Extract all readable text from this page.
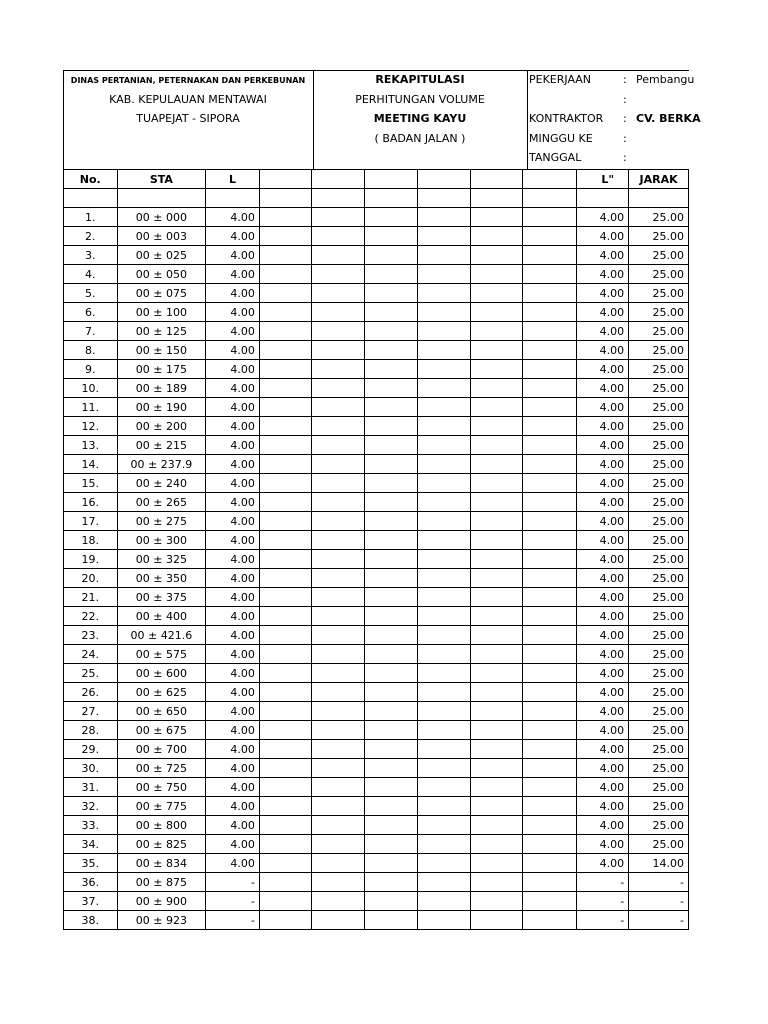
DINAS PERTANIAN, PETERNAKAN DAN PERKEBUNAN
KAB. KEPULAUAN MENTAWAI
TUAPEJAT - SIPORA
REKAPITULASI
PERHITUNGAN VOLUME
MEETING KAYU
( BADAN JALAN )
PEKERJAAN	: Pembangu
:
KONTRAKTOR : CV. BERKA
MINGGU KE	:
TANGGAL	:
No.	STA	L							L"	JARAK

1.	00 ± 000	4.00							4.00	25.00
2.	00 ± 003	4.00							4.00	25.00
3.	00 ± 025	4.00							4.00	25.00
4.	00 ± 050	4.00							4.00	25.00
5.	00 ± 075	4.00							4.00	25.00
6.	00 ± 100	4.00							4.00	25.00
7.	00 ± 125	4.00							4.00	25.00
8.	00 ± 150	4.00							4.00	25.00
9.	00 ± 175	4.00							4.00	25.00
10.	00 ± 189	4.00							4.00	25.00
11.	00 ± 190	4.00							4.00	25.00
12.	00 ± 200	4.00							4.00	25.00
13.	00 ± 215	4.00							4.00	25.00
14.	00 ± 237.9	4.00							4.00	25.00
15.	00 ± 240	4.00							4.00	25.00
16.	00 ± 265	4.00							4.00	25.00
17.	00 ± 275	4.00							4.00	25.00
18.	00 ± 300	4.00							4.00	25.00
19.	00 ± 325	4.00							4.00	25.00
20.	00 ± 350	4.00							4.00	25.00
21.	00 ± 375	4.00							4.00	25.00
22.	00 ± 400	4.00							4.00	25.00
23.	00 ± 421.6	4.00							4.00	25.00
24.	00 ± 575	4.00							4.00	25.00
25.	00 ± 600	4.00							4.00	25.00
26.	00 ± 625	4.00							4.00	25.00
27.	00 ± 650	4.00							4.00	25.00
28.	00 ± 675	4.00							4.00	25.00
29.	00 ± 700	4.00							4.00	25.00
30.	00 ± 725	4.00							4.00	25.00
31.	00 ± 750	4.00							4.00	25.00
32.	00 ± 775	4.00							4.00	25.00
33.	00 ± 800	4.00							4.00	25.00
34.	00 ± 825	4.00							4.00	25.00
35.	00 ± 834	4.00							4.00	14.00
36.	00 ± 875	-							-	-
37.	00 ± 900	-							-	-
38.	00 ± 923	-							-	-
